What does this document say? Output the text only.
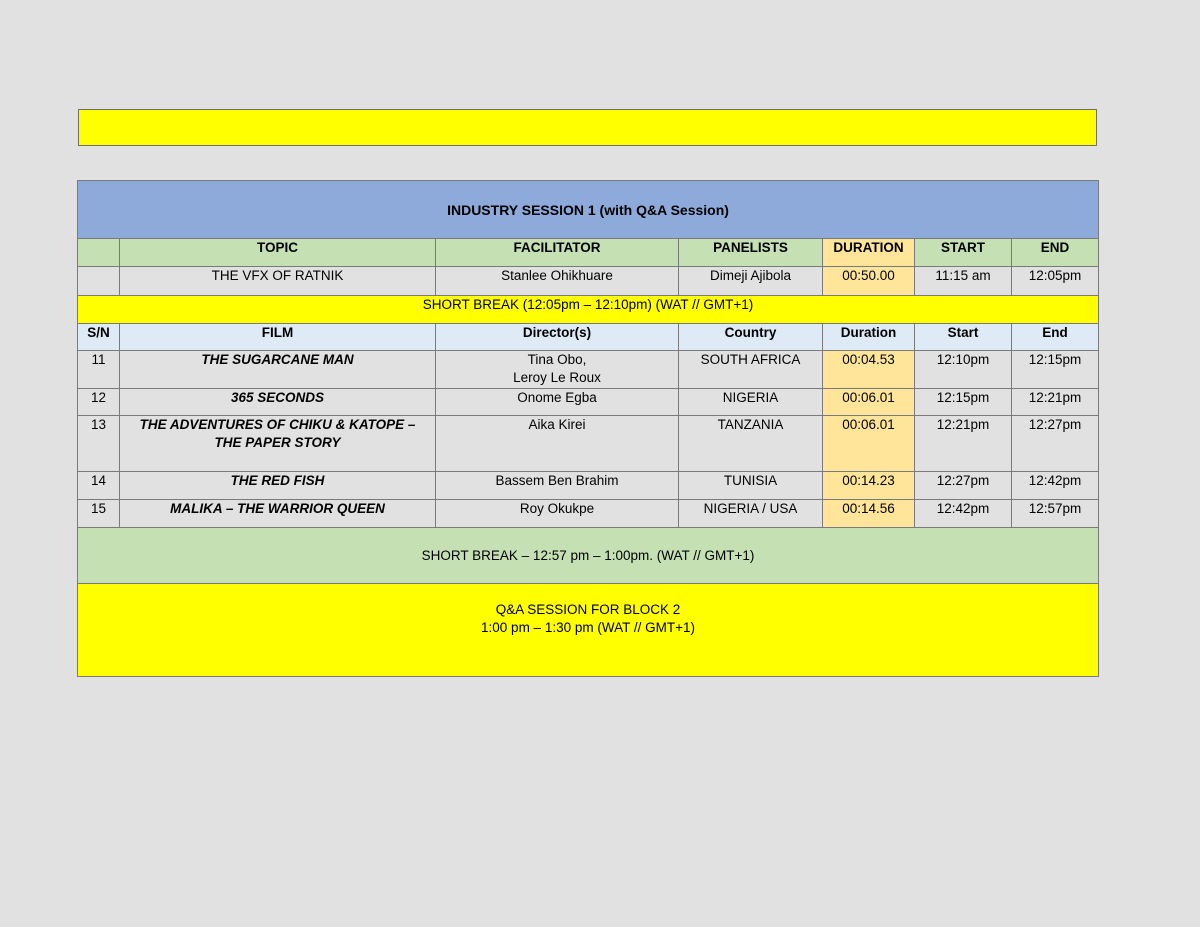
INDUSTRY SESSION 1 (with Q&A Session)						
	TOPIC	FACILITATOR	PANELISTS	DURATION	START	END
	THE VFX OF RATNIK	Stanlee Ohikhuare	Dimeji Ajibola	00:50.00	11:15 am	12:05pm
SHORT BREAK (12:05pm – 12:10pm) (WAT // GMT+1)						
S/N	FILM	Director(s)	Country	Duration	Start	End
11	THE SUGARCANE MAN	Tina Obo,
Leroy Le Roux	SOUTH AFRICA	00:04.53	12:10pm	12:15pm
12	365 SECONDS	Onome Egba	NIGERIA	00:06.01	12:15pm	12:21pm
13	THE ADVENTURES OF CHIKU & KATOPE –
THE PAPER STORY	Aika Kirei	TANZANIA	00:06.01	12:21pm	12:27pm
14	THE RED FISH	Bassem Ben Brahim	TUNISIA	00:14.23	12:27pm	12:42pm
15	MALIKA – THE WARRIOR QUEEN	Roy Okukpe	NIGERIA / USA	00:14.56	12:42pm	12:57pm
SHORT BREAK – 12:57 pm – 1:00pm. (WAT // GMT+1)						

Q&A SESSION FOR BLOCK 2
1:00 pm – 1:30 pm (WAT // GMT+1)						
